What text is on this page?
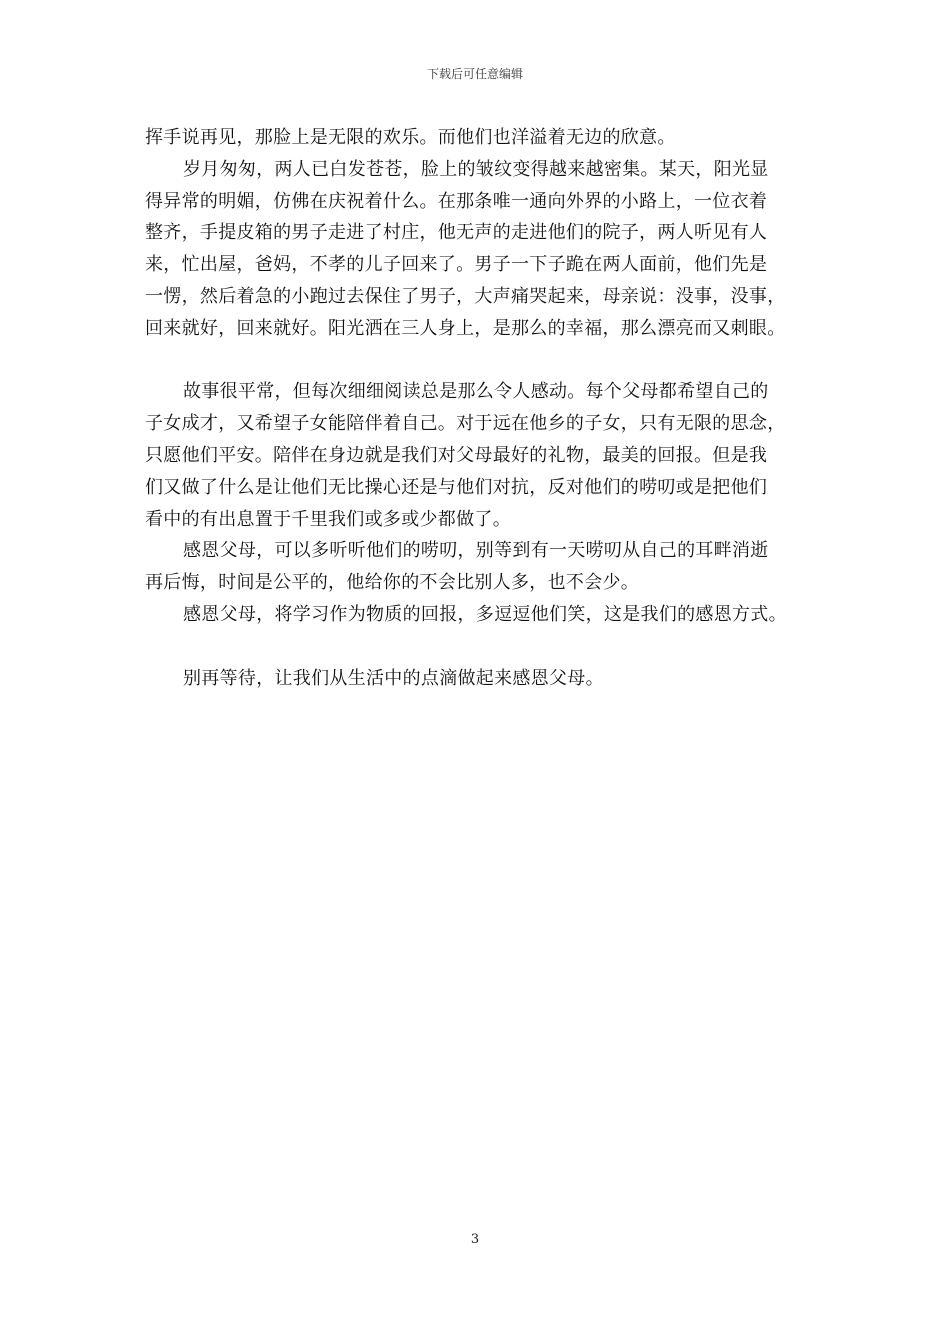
下载后可任意编辑
挥手说再见，那脸上是无限的欢乐。而他们也洋溢着无边的欣意。
岁月匆匆，两人已白发苍苍，脸上的皱纹变得越来越密集。某天，阳光显
得异常的明媚，仿佛在庆祝着什么。在那条唯一通向外界的小路上，一位衣着
整齐，手提皮箱的男子走进了村庄，他无声的走进他们的院子，两人听见有人
来，忙出屋，爸妈，不孝的儿子回来了。男子一下子跪在两人面前，他们先是
一愣，然后着急的小跑过去保住了男子，大声痛哭起来，母亲说：没事，没事，
回来就好，回来就好。阳光洒在三人身上，是那么的幸福，那么漂亮而又刺眼。
故事很平常，但每次细细阅读总是那么令人感动。每个父母都希望自己的
子女成才，又希望子女能陪伴着自己。对于远在他乡的子女，只有无限的思念，
只愿他们平安。陪伴在身边就是我们对父母最好的礼物，最美的回报。但是我
们又做了什么是让他们无比操心还是与他们对抗，反对他们的唠叨或是把他们
看中的有出息置于千里我们或多或少都做了。
感恩父母，可以多听听他们的唠叨，别等到有一天唠叨从自己的耳畔消逝
再后悔，时间是公平的，他给你的不会比别人多，也不会少。
感恩父母，将学习作为物质的回报，多逗逗他们笑，这是我们的感恩方式。
别再等待，让我们从生活中的点滴做起来感恩父母。
3
